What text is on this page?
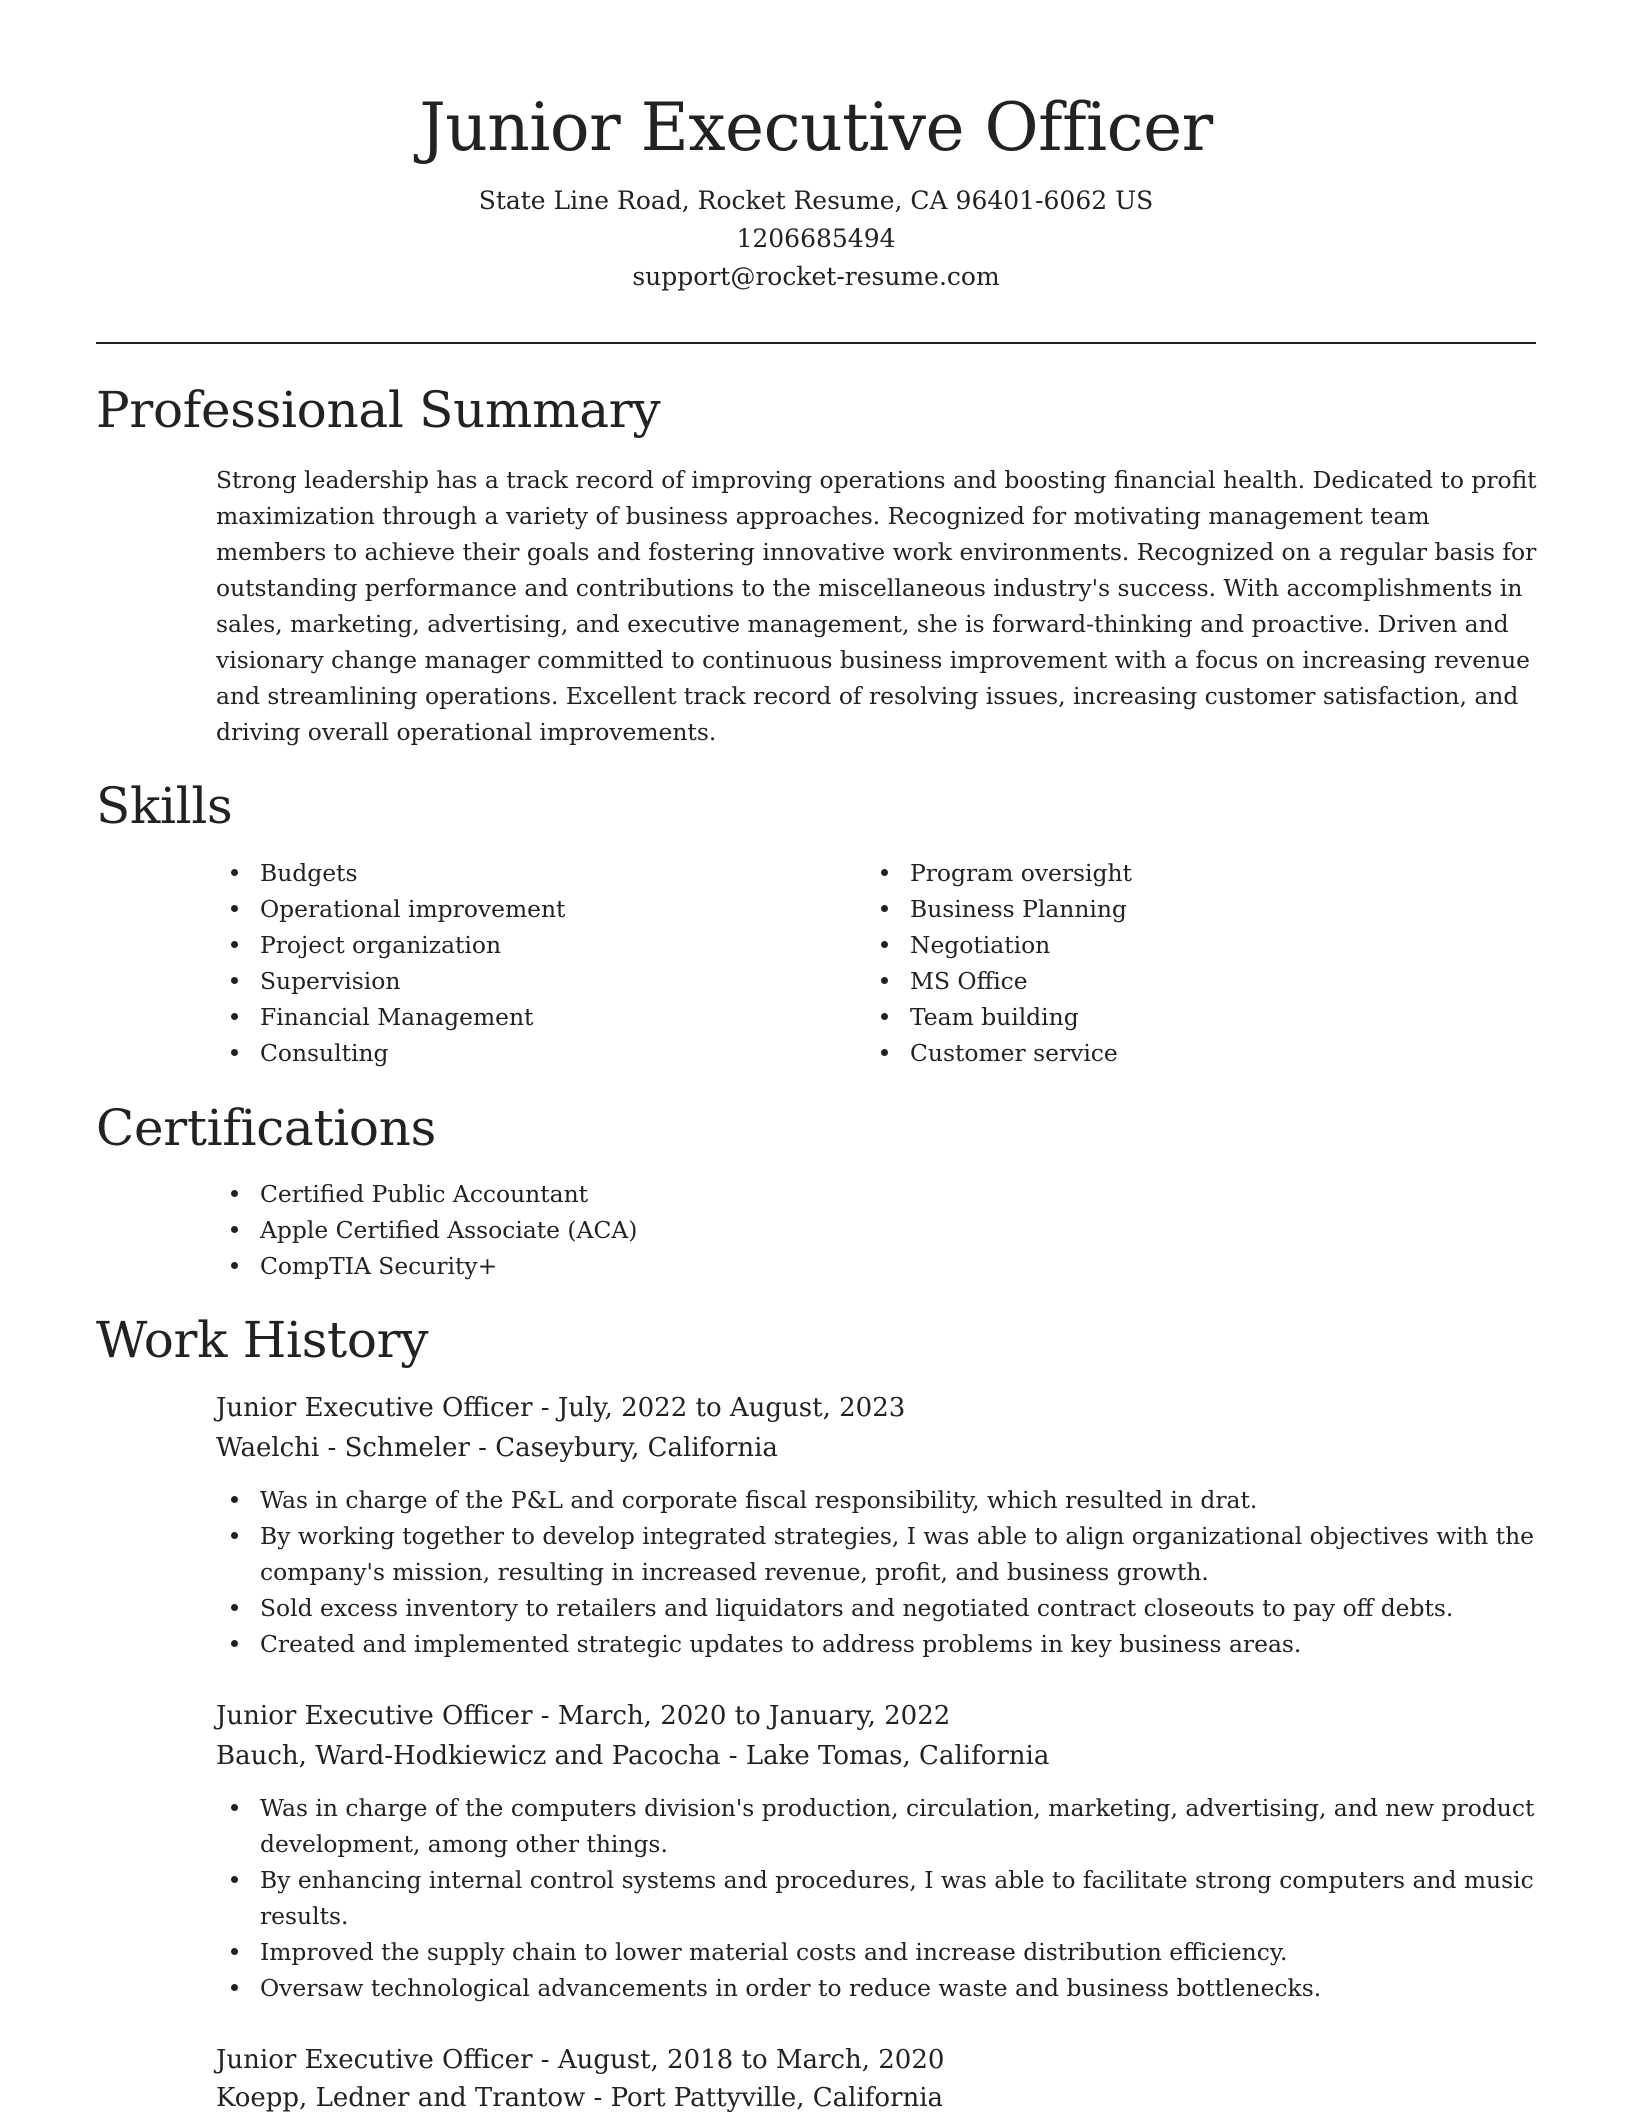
Junior Executive Officer
State Line Road, Rocket Resume, CA 96401-6062 US
1206685494
support@rocket-resume.com
Professional Summary

Strong leadership has a track record of improving operations and boosting financial health. Dedicated to profit maximization through a variety of business approaches. Recognized for motivating management team members to achieve their goals and fostering innovative work environments. Recognized on a regular basis for outstanding performance and contributions to the miscellaneous industry's success. With accomplishments in sales, marketing, advertising, and executive management, she is forward-thinking and proactive. Driven and visionary change manager committed to continuous business improvement with a focus on increasing revenue and streamlining operations. Excellent track record of resolving issues, increasing customer satisfaction, and driving overall operational improvements.

Skills
Budgets
Operational improvement
Project organization
Supervision
Financial Management
Consulting
Program oversight
Business Planning
Negotiation
MS Office
Team building
Customer service
Certifications
Certified Public Accountant
Apple Certified Associate (ACA)
CompTIA Security+
Work History
Junior Executive Officer - July, 2022 to August, 2023
Waelchi - Schmeler - Caseybury, California
Was in charge of the P&L and corporate fiscal responsibility, which resulted in drat.
By working together to develop integrated strategies, I was able to align organizational objectives with the company's mission, resulting in increased revenue, profit, and business growth.
Sold excess inventory to retailers and liquidators and negotiated contract closeouts to pay off debts.
Created and implemented strategic updates to address problems in key business areas.
Junior Executive Officer - March, 2020 to January, 2022
Bauch, Ward-Hodkiewicz and Pacocha - Lake Tomas, California
Was in charge of the computers division's production, circulation, marketing, advertising, and new product development, among other things.
By enhancing internal control systems and procedures, I was able to facilitate strong computers and music results.
Improved the supply chain to lower material costs and increase distribution efficiency.
Oversaw technological advancements in order to reduce waste and business bottlenecks.
Junior Executive Officer - August, 2018 to March, 2020
Koepp, Ledner and Trantow - Port Pattyville, California
